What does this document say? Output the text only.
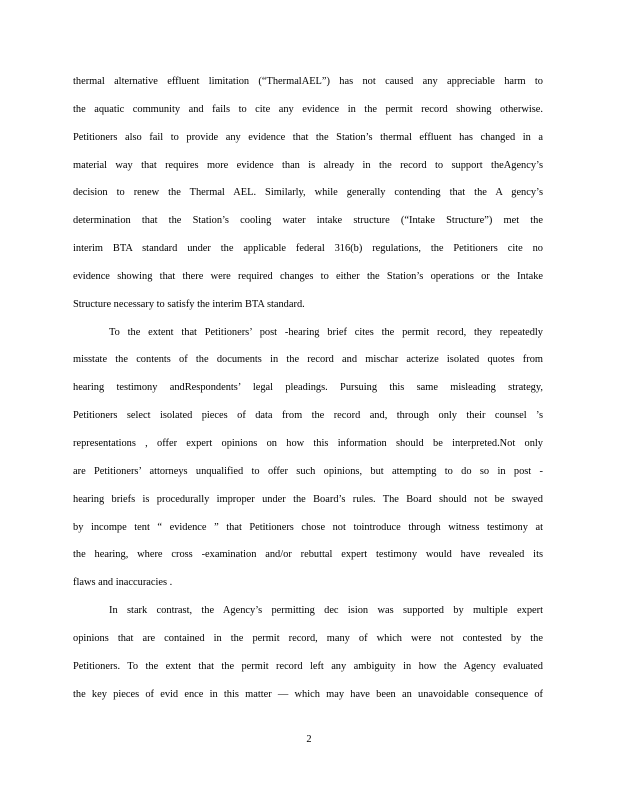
thermal alternative effluent limitation (“ThermalAEL”) has not caused any appreciable harm to
the aquatic community and fails to cite any evidence in the permit record showing otherwise.
Petitioners also fail to provide any evidence that the Station’s thermal effluent has changed in a
material way that requires more evidence than is already in the record to support theAgency’s
decision to renew the Thermal AEL. Similarly, while generally contending that the A gency’s
determination that the Station’s cooling water intake structure (“Intake Structure”) met the
interim BTA standard under the applicable federal 316(b) regulations, the Petitioners cite no
evidence showing that there were required changes to either the Station’s operations or the Intake
Structure necessary to satisfy the interim BTA standard.
To the extent that Petitioners’ post -hearing brief cites the permit record, they repeatedly
misstate the contents of the documents in the record and mischar acterize isolated quotes from
hearing testimony andRespondents’ legal pleadings. Pursuing this same misleading strategy,
Petitioners select isolated pieces of data from the record and, through only their counsel ’s
representations , offer expert opinions on how this information should be interpreted.Not only
are Petitioners’ attorneys unqualified to offer such opinions, but attempting to do so in post -
hearing briefs is procedurally improper under the Board’s rules. The Board should not be swayed
by incompe tent “ evidence ” that Petitioners chose not tointroduce through witness testimony at
the hearing, where cross -examination and/or rebuttal expert testimony would have revealed its
flaws and inaccuracies .
In stark contrast, the Agency’s permitting dec ision was supported by multiple expert
opinions that are contained in the permit record, many of which were not contested by the
Petitioners. To the extent that the permit record left any ambiguity in how the Agency evaluated
the key pieces of evid ence in this matter — which may have been an unavoidable consequence of
2
